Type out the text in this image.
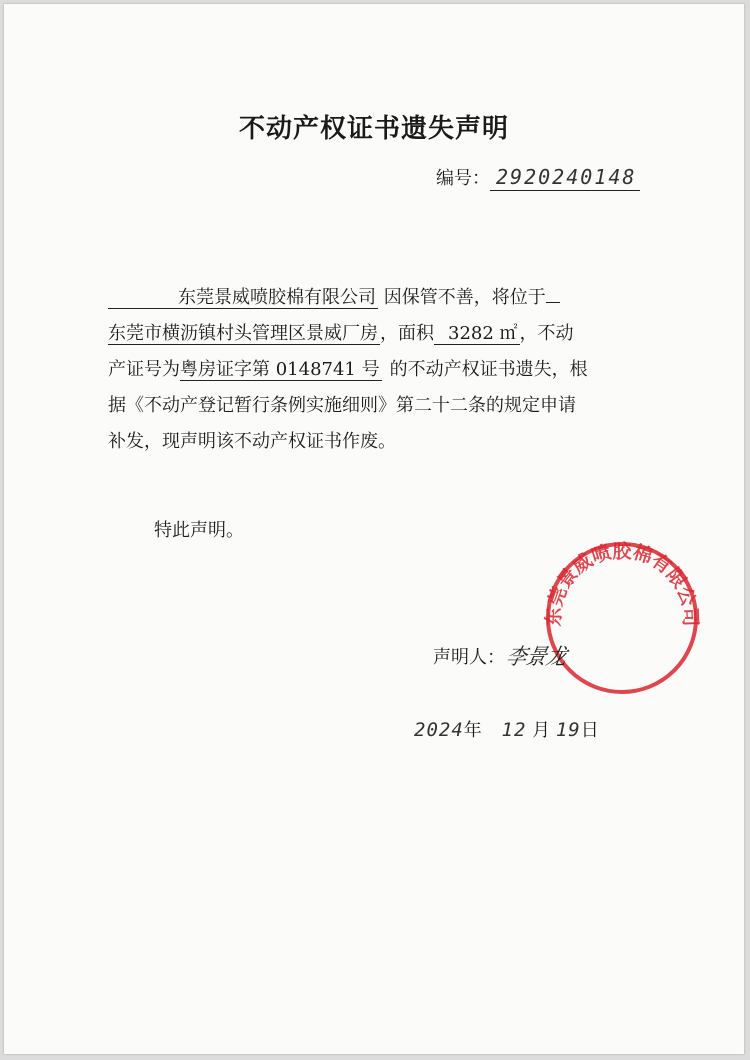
不动产权证书遗失声明
编号： 2920240148
东莞景威喷胶棉有限公司 因保管不善，将位于
东莞市横沥镇村头管理区景威厂房 ，面积 3282 ㎡ ，不动
产证号为粤房证字第 0148741 号 的不动产权证书遗失，根
据《不动产登记暂行条例实施细则》第二十二条的规定申请
补发，现声明该不动产权证书作废。
特此声明。
东莞景威喷胶棉有限公司
声明人：李景龙
2024年 12 月 19日
